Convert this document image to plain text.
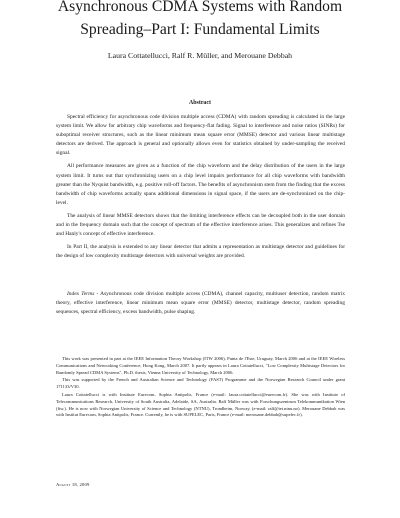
Asynchronous CDMA Systems with Random
Spreading–Part I: Fundamental Limits
Laura Cottatellucci, Ralf R. Müller, and Merouane Debbah
Abstract

Spectral efficiency for asynchronous code division multiple access (CDMA) with random spreading is calculated in the large system limit. We allow for arbitrary chip waveforms and frequency-flat fading. Signal to interference and noise ratios (SINRs) for suboptimal receiver structures, such as the linear minimum mean square error (MMSE) detector and various linear multistage detectors are derived. The approach is general and optionally allows even for statistics obtained by under-sampling the received signal.

All performance measures are given as a function of the chip waveform and the delay distribution of the users in the large system limit. It turns out that synchronizing users on a chip level impairs performance for all chip waveforms with bandwidth greater than the Nyquist bandwidth, e.g. positive roll-off factors. The benefits of asynchronism stem from the finding that the excess bandwidth of chip waveforms actually spans additional dimensions in signal space, if the users are de-synchronized on the chip-level.

The analysis of linear MMSE detectors shows that the limiting interference effects can be decoupled both in the user domain and in the frequency domain such that the concept of spectrum of the effective interference arises. This generalizes and refines Tse and Hanly's concept of effective interference.

In Part II, the analysis is extended to any linear detector that admits a representation as multistage detector and guidelines for the design of low complexity multistage detectors with universal weights are provided.

Index Terms - Asynchronous code division multiple access (CDMA), channel capacity, multiuser detection, random matrix theory, effective interference, linear minimum mean square error (MMSE) detector, multistage detector, random spreading sequences, spectral efficiency, excess bandwidth, pulse shaping.

This work was presented in part at the IEEE Information Theory Workshop (ITW 2006), Punta de l'Este, Uruguay, March 2006 and at the IEEE Wireless Communications and Networking Conference, Hong Kong, March 2007. It partly appears in Laura Cottatellucci, "Low Complexity Multistage Detectors for Randomly Spread CDMA Systems", Ph.D. thesis, Vienna University of Technology, March 2006.

This was supported by the French and Australian Science and Technology (FAST) Programme and the Norwegian Research Council under grant 171133/V30.

Laura Cottatellucci is with Institute Eurecom, Sophia Antipolis, France (e-mail: laura.cottatellucci@eurecom.fr). She was with Institute of Telecommunications Research, University of South Australia, Adelaide, SA, Australia. Ralf Müller was with Forschungszentrum Telekommunikation Wien (ftw.). He is now with Norwegian University of Science and Technology (NTNU), Trondheim, Norway, (e-mail: ralf@iet.ntnu.no). Merouane Debbah was with Institut Eurecom, Sophia Antipolis, France. Currently, he is with SUPELEC, Paris, France (e-mail: merouane.debbah@supelec.fr).

August 18, 2009
